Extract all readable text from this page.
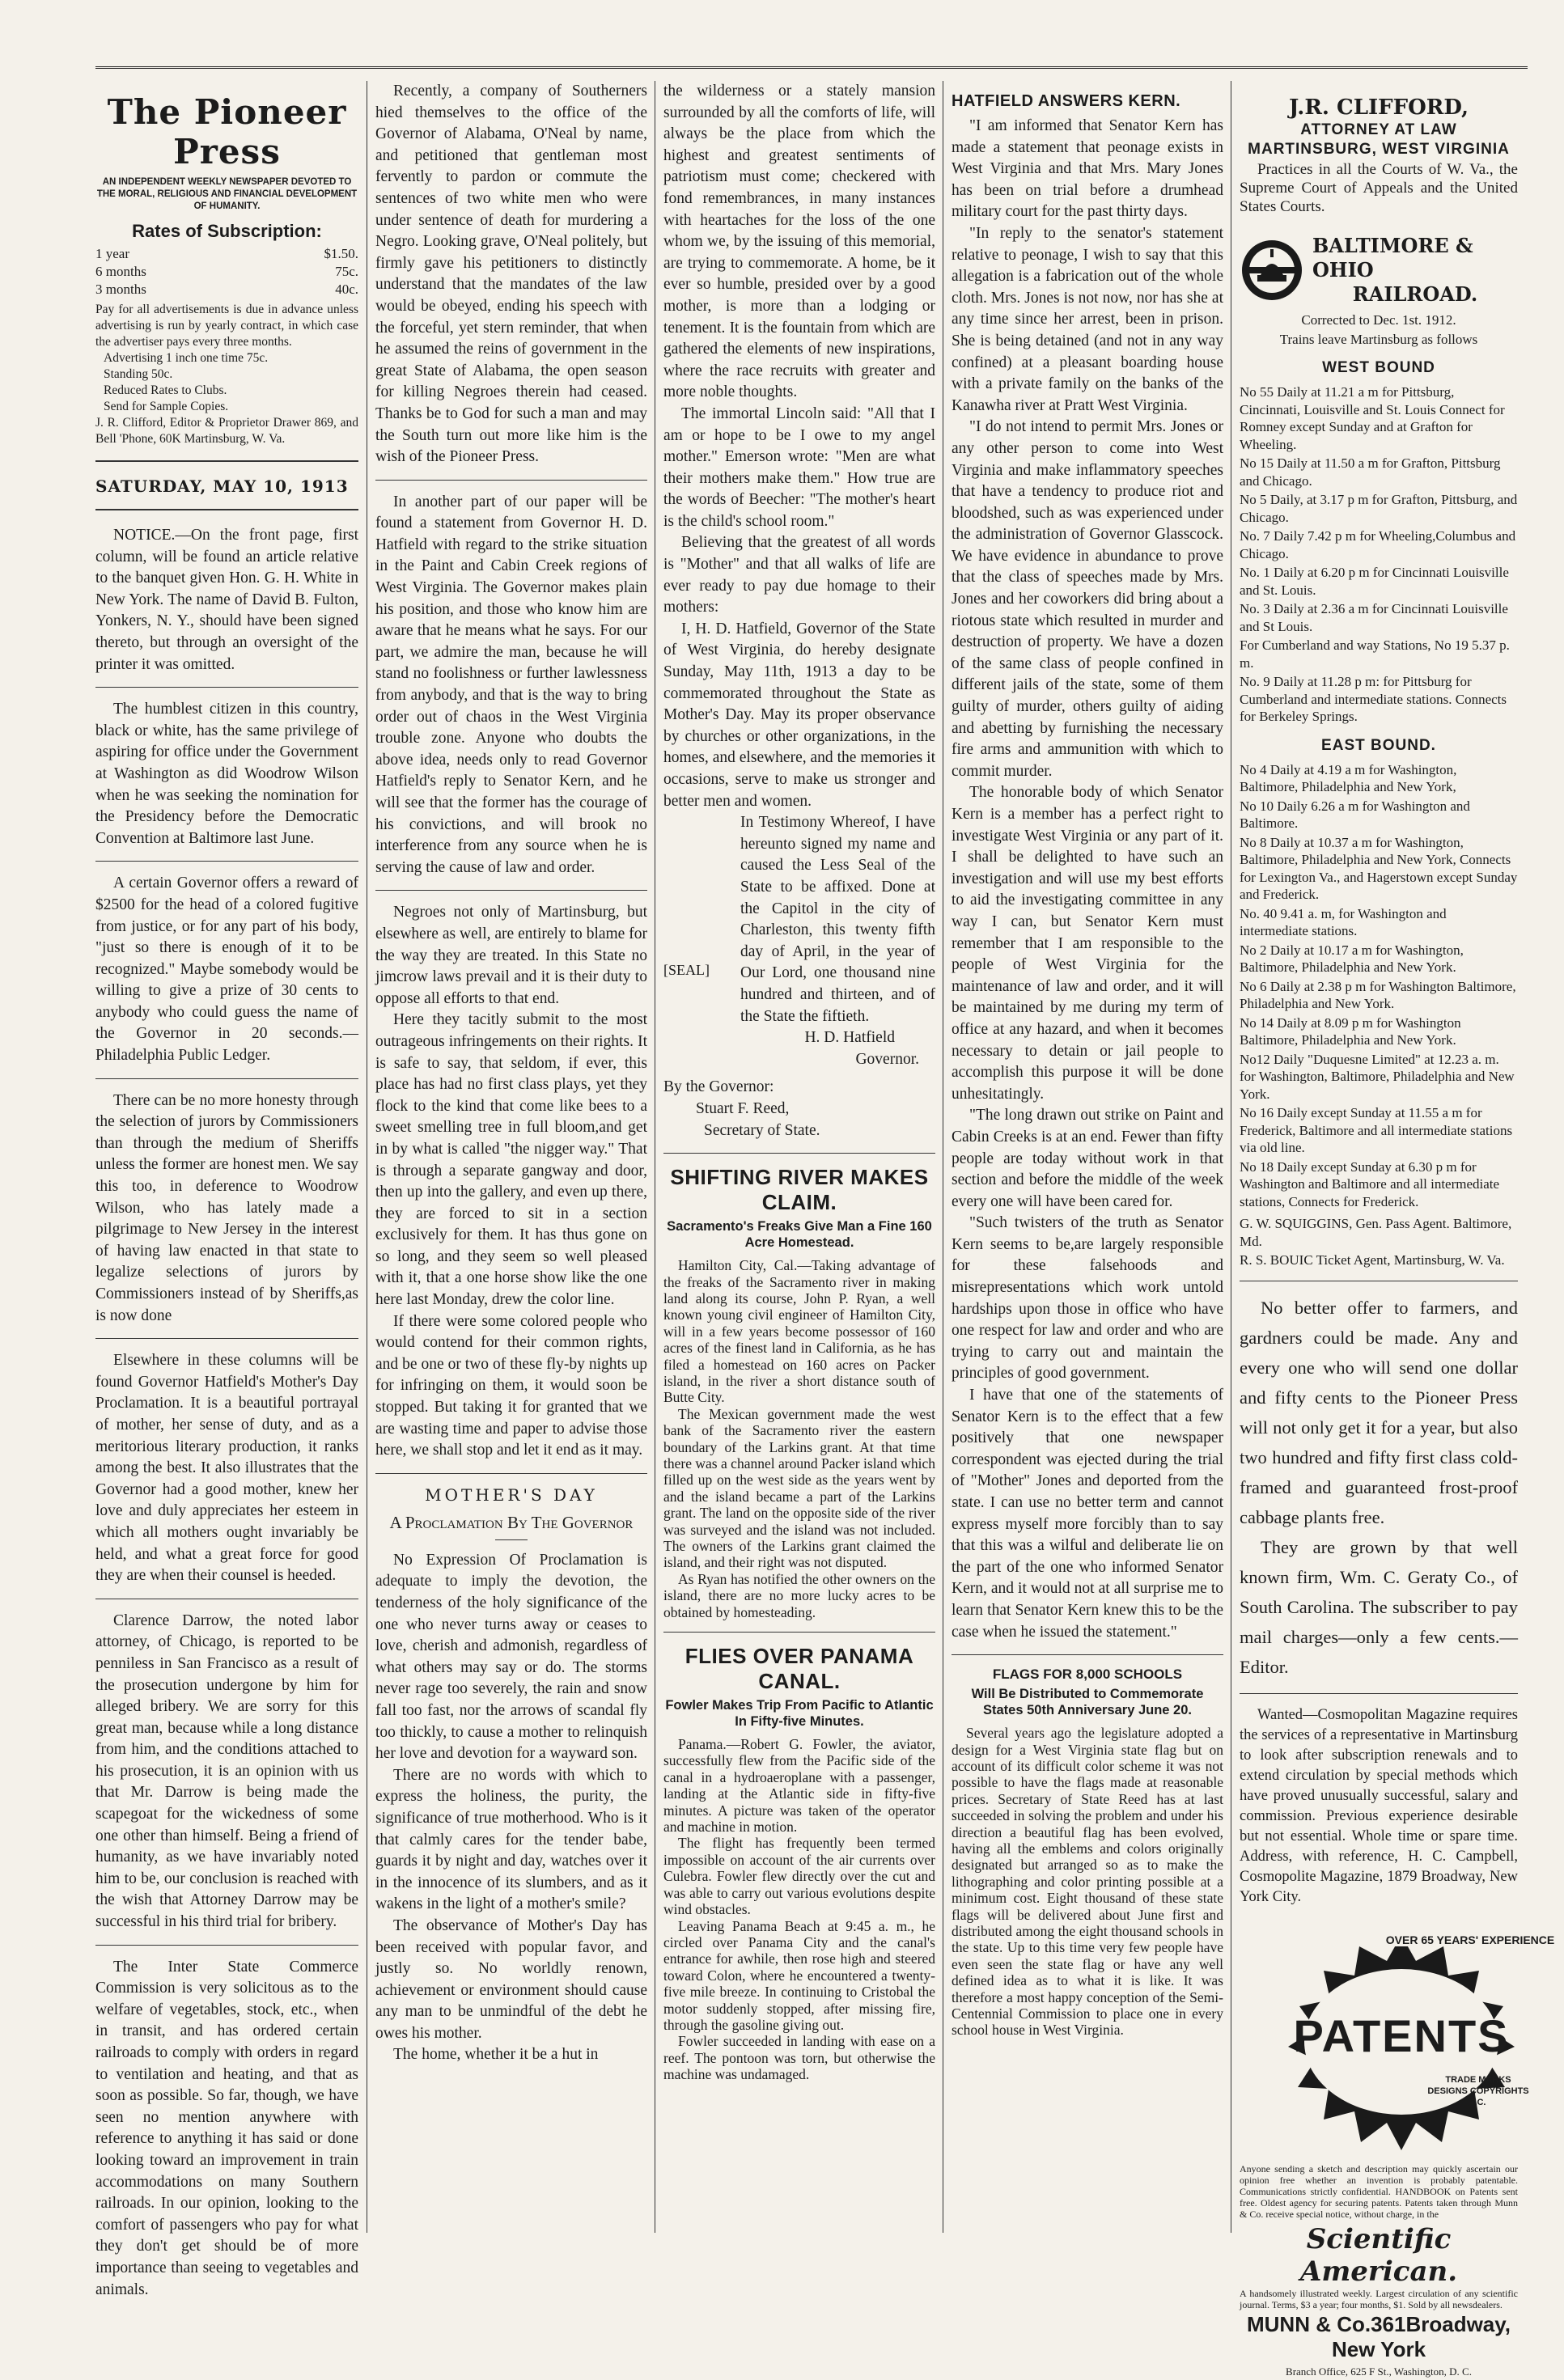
The Pioneer Press

AN INDEPENDENT WEEKLY NEWSPAPER DEVOTED TO THE MORAL, RELIGIOUS AND FINANCIAL DEVELOPMENT OF HUMANITY.

Rates of Subscription:
1 year	$1.50.
6 months	75c.
3 months	40c.

Pay for all advertisements is due in advance unless advertising is run by yearly contract, in which case the advertiser pays every three months.

Advertising 1 inch one time 75c.

Standing 50c.

Reduced Rates to Clubs.

Send for Sample Copies.

J. R. Clifford, Editor & Proprietor Drawer 869, and Bell 'Phone, 60K Martinsburg, W. Va.

SATURDAY, MAY 10, 1913

NOTICE.—On the front page, first column, will be found an article relative to the banquet given Hon. G. H. White in New York. The name of David B. Fulton, Yonkers, N. Y., should have been signed thereto, but through an oversight of the printer it was omitted.

The humblest citizen in this country, black or white, has the same privilege of aspiring for office under the Government at Washington as did Woodrow Wilson when he was seeking the nomination for the Presidency before the Democratic Convention at Baltimore last June.

A certain Governor offers a reward of $2500 for the head of a colored fugitive from justice, or for any part of his body, "just so there is enough of it to be recognized." Maybe somebody would be willing to give a prize of 30 cents to anybody who could guess the name of the Governor in 20 seconds.—Philadelphia Public Ledger.

There can be no more honesty through the selection of jurors by Commissioners than through the medium of Sheriffs unless the former are honest men. We say this too, in deference to Woodrow Wilson, who has lately made a pilgrimage to New Jersey in the interest of having law enacted in that state to legalize selections of jurors by Commissioners instead of by Sheriffs,as is now done

Elsewhere in these columns will be found Governor Hatfield's Mother's Day Proclamation. It is a beautiful portrayal of mother, her sense of duty, and as a meritorious literary production, it ranks among the best. It also illustrates that the Governor had a good mother, knew her love and duly appreciates her esteem in which all mothers ought invariably be held, and what a great force for good they are when their counsel is heeded.

Clarence Darrow, the noted labor attorney, of Chicago, is reported to be penniless in San Francisco as a result of the prosecution undergone by him for alleged bribery. We are sorry for this great man, because while a long distance from him, and the conditions attached to his prosecution, it is an opinion with us that Mr. Darrow is being made the scapegoat for the wickedness of some one other than himself. Being a friend of humanity, as we have invariably noted him to be, our conclusion is reached with the wish that Attorney Darrow may be successful in his third trial for bribery.

The Inter State Commerce Commission is very solicitous as to the welfare of vegetables, stock, etc., when in transit, and has ordered certain railroads to comply with orders in regard to ventilation and heating, and that as soon as possible. So far, though, we have seen no mention anywhere with reference to anything it has said or done looking toward an improvement in train accommodations on many Southern railroads. In our opinion, looking to the comfort of passengers who pay for what they don't get should be of more importance than seeing to vegetables and animals.

Recently, a company of Southerners hied themselves to the office of the Governor of Alabama, O'Neal by name, and petitioned that gentleman most fervently to pardon or commute the sentences of two white men who were under sentence of death for murdering a Negro. Looking grave, O'Neal politely, but firmly gave his petitioners to distinctly understand that the mandates of the law would be obeyed, ending his speech with the forceful, yet stern reminder, that when he assumed the reins of government in the great State of Alabama, the open season for killing Negroes therein had ceased. Thanks be to God for such a man and may the South turn out more like him is the wish of the Pioneer Press.

In another part of our paper will be found a statement from Governor H. D. Hatfield with regard to the strike situation in the Paint and Cabin Creek regions of West Virginia. The Governor makes plain his position, and those who know him are aware that he means what he says. For our part, we admire the man, because he will stand no foolishness or further lawlessness from anybody, and that is the way to bring order out of chaos in the West Virginia trouble zone. Anyone who doubts the above idea, needs only to read Governor Hatfield's reply to Senator Kern, and he will see that the former has the courage of his convictions, and will brook no interference from any source when he is serving the cause of law and order.

Negroes not only of Martinsburg, but elsewhere as well, are entirely to blame for the way they are treated. In this State no jimcrow laws prevail and it is their duty to oppose all efforts to that end.

Here they tacitly submit to the most outrageous infringements on their rights. It is safe to say, that seldom, if ever, this place has had no first class plays, yet they flock to the kind that come like bees to a sweet smelling tree in full bloom,and get in by what is called "the nigger way." That is through a separate gangway and door, then up into the gallery, and even up there, they are forced to sit in a section exclusively for them. It has thus gone on so long, and they seem so well pleased with it, that a one horse show like the one here last Monday, drew the color line.

If there were some colored people who would contend for their common rights, and be one or two of these fly-by nights up for infringing on them, it would soon be stopped. But taking it for granted that we are wasting time and paper to advise those here, we shall stop and let it end as it may.

MOTHER'S DAY
A Proclamation By The Governor

No Expression Of Proclamation is adequate to imply the devotion, the tenderness of the holy significance of the one who never turns away or ceases to love, cherish and admonish, regardless of what others may say or do. The storms never rage too severely, the rain and snow fall too fast, nor the arrows of scandal fly too thickly, to cause a mother to relinquish her love and devotion for a wayward son.

There are no words with which to express the holiness, the purity, the significance of true motherhood. Who is it that calmly cares for the tender babe, guards it by night and day, watches over it in the innocence of its slumbers, and as it wakens in the light of a mother's smile?

The observance of Mother's Day has been received with popular favor, and justly so. No worldly renown, achievement or environment should cause any man to be unmindful of the debt he owes his mother.

The home, whether it be a hut in

the wilderness or a stately mansion surrounded by all the comforts of life, will always be the place from which the highest and greatest sentiments of patriotism must come; checkered with fond remembrances, in many instances with heartaches for the loss of the one whom we, by the issuing of this memorial, are trying to commemorate. A home, be it ever so humble, presided over by a good mother, is more than a lodging or tenement. It is the fountain from which are gathered the elements of new inspirations, where the race recruits with greater and more noble thoughts.

The immortal Lincoln said: "All that I am or hope to be I owe to my angel mother." Emerson wrote: "Men are what their mothers make them." How true are the words of Beecher: "The mother's heart is the child's school room."

Believing that the greatest of all words is "Mother" and that all walks of life are ever ready to pay due homage to their mothers:

I, H. D. Hatfield, Governor of the State of West Virginia, do hereby designate Sunday, May 11th, 1913 a day to be commemorated throughout the State as Mother's Day. May its proper observance by churches or other organizations, in the homes, and elsewhere, and the memories it occasions, serve to make us stronger and better men and women.

[SEAL]

In Testimony Whereof, I have hereunto signed my name and caused the Less Seal of the State to be affixed. Done at the Capitol in the city of Charleston, this twenty fifth day of April, in the year of Our Lord, one thousand nine hundred and thirteen, and of the State the fiftieth.

H. D. Hatfield

Governor.

By the Governor:

Stuart F. Reed,

Secretary of State.

SHIFTING RIVER MAKES CLAIM.
Sacramento's Freaks Give Man a Fine 160 Acre Homestead.

Hamilton City, Cal.—Taking advantage of the freaks of the Sacramento river in making land along its course, John P. Ryan, a well known young civil engineer of Hamilton City, will in a few years become possessor of 160 acres of the finest land in California, as he has filed a homestead on 160 acres on Packer island, in the river a short distance south of Butte City.

The Mexican government made the west bank of the Sacramento river the eastern boundary of the Larkins grant. At that time there was a channel around Packer island which filled up on the west side as the years went by and the island became a part of the Larkins grant. The land on the opposite side of the river was surveyed and the island was not included. The owners of the Larkins grant claimed the island, and their right was not disputed.

As Ryan has notified the other owners on the island, there are no more lucky acres to be obtained by homesteading.

FLIES OVER PANAMA CANAL.
Fowler Makes Trip From Pacific to Atlantic In Fifty-five Minutes.

Panama.—Robert G. Fowler, the aviator, successfully flew from the Pacific side of the canal in a hydroaeroplane with a passenger, landing at the Atlantic side in fifty-five minutes. A picture was taken of the operator and machine in motion.

The flight has frequently been termed impossible on account of the air currents over Culebra. Fowler flew directly over the cut and was able to carry out various evolutions despite wind obstacles.

Leaving Panama Beach at 9:45 a. m., he circled over Panama City and the canal's entrance for awhile, then rose high and steered toward Colon, where he encountered a twenty-five mile breeze. In continuing to Cristobal the motor suddenly stopped, after missing fire, through the gasoline giving out.

Fowler succeeded in landing with ease on a reef. The pontoon was torn, but otherwise the machine was undamaged.

HATFIELD ANSWERS KERN.

"I am informed that Senator Kern has made a statement that peonage exists in West Virginia and that Mrs. Mary Jones has been on trial before a drumhead military court for the past thirty days.

"In reply to the senator's statement relative to peonage, I wish to say that this allegation is a fabrication out of the whole cloth. Mrs. Jones is not now, nor has she at any time since her arrest, been in prison. She is being detained (and not in any way confined) at a pleasant boarding house with a private family on the banks of the Kanawha river at Pratt West Virginia.

"I do not intend to permit Mrs. Jones or any other person to come into West Virginia and make inflammatory speeches that have a tendency to produce riot and bloodshed, such as was experienced under the administration of Governor Glasscock. We have evidence in abundance to prove that the class of speeches made by Mrs. Jones and her coworkers did bring about a riotous state which resulted in murder and destruction of property. We have a dozen of the same class of people confined in different jails of the state, some of them guilty of murder, others guilty of aiding and abetting by furnishing the necessary fire arms and ammunition with which to commit murder.

The honorable body of which Senator Kern is a member has a perfect right to investigate West Virginia or any part of it. I shall be delighted to have such an investigation and will use my best efforts to aid the investigating committee in any way I can, but Senator Kern must remember that I am responsible to the people of West Virginia for the maintenance of law and order, and it will be maintained by me during my term of office at any hazard, and when it becomes necessary to detain or jail people to accomplish this purpose it will be done unhesitatingly.

"The long drawn out strike on Paint and Cabin Creeks is at an end. Fewer than fifty people are today without work in that section and before the middle of the week every one will have been cared for.

"Such twisters of the truth as Senator Kern seems to be,are largely responsible for these falsehoods and misrepresentations which work untold hardships upon those in office who have one respect for law and order and who are trying to carry out and maintain the principles of good government.

I have that one of the statements of Senator Kern is to the effect that a few positively that one newspaper correspondent was ejected during the trial of "Mother" Jones and deported from the state. I can use no better term and cannot express myself more forcibly than to say that this was a wilful and deliberate lie on the part of the one who informed Senator Kern, and it would not at all surprise me to learn that Senator Kern knew this to be the case when he issued the statement."

FLAGS FOR 8,000 SCHOOLS
Will Be Distributed to Commemorate States 50th Anniversary June 20.

Several years ago the legislature adopted a design for a West Virginia state flag but on account of its difficult color scheme it was not possible to have the flags made at reasonable prices. Secretary of State Reed has at last succeeded in solving the problem and under his direction a beautiful flag has been evolved, having all the emblems and colors originally designated but arranged so as to make the lithographing and color printing possible at a minimum cost. Eight thousand of these state flags will be delivered about June first and distributed among the eight thousand schools in the state. Up to this time very few people have even seen the state flag or have any well defined idea as to what it is like. It was therefore a most happy conception of the Semi-Centennial Commission to place one in every school house in West Virginia.

J.R. CLIFFORD,
ATTORNEY AT LAW
MARTINSBURG, WEST VIRGINIA

Practices in all the Courts of W. Va., the Supreme Court of Appeals and the United States Courts.

BALTIMORE & OHIO
RAILROAD.

Corrected to Dec. 1st. 1912.

Trains leave Martinsburg as follows

WEST BOUND

No 55 Daily at 11.21 a m for Pittsburg, Cincinnati, Louisville and St. Louis Connect for Romney except Sunday and at Grafton for Wheeling.

No 15 Daily at 11.50 a m for Grafton, Pittsburg and Chicago.

No 5 Daily, at 3.17 p m for Grafton, Pittsburg, and Chicago.

No. 7 Daily 7.42 p m for Wheeling,Columbus and Chicago.

No. 1 Daily at 6.20 p m for Cincinnati Louisville and St. Louis.

No. 3 Daily at 2.36 a m for Cincinnati Louisville and St Louis.

For Cumberland and way Stations, No 19 5.37 p. m.

No. 9 Daily at 11.28 p m: for Pittsburg for Cumberland and intermediate stations. Connects for Berkeley Springs.

EAST BOUND.

No 4 Daily at 4.19 a m for Washington, Baltimore, Philadelphia and New York,

No 10 Daily 6.26 a m for Washington and Baltimore.

No 8 Daily at 10.37 a m for Washington, Baltimore, Philadelphia and New York, Connects for Lexington Va., and Hagerstown except Sunday and Frederick.

No. 40 9.41 a. m, for Washington and intermediate stations.

No 2 Daily at 10.17 a m for Washington, Baltimore, Philadelphia and New York.

No 6 Daily at 2.38 p m for Washington Baltimore, Philadelphia and New York.

No 14 Daily at 8.09 p m for Washington Baltimore, Philadelphia and New York.

No12 Daily "Duquesne Limited" at 12.23 a. m. for Washington, Baltimore, Philadelphia and New York.

No 16 Daily except Sunday at 11.55 a m for Frederick, Baltimore and all intermediate stations via old line.

No 18 Daily except Sunday at 6.30 p m for Washington and Baltimore and all intermediate stations, Connects for Frederick.

G. W. SQUIGGINS, Gen. Pass Agent. Baltimore, Md.

R. S. BOUIC Ticket Agent, Martinsburg, W. Va.

No better offer to farmers, and gardners could be made. Any and every one who will send one dollar and fifty cents to the Pioneer Press will not only get it for a year, but also two hundred and fifty first class cold-framed and guaranteed frost-proof cabbage plants free.

They are grown by that well known firm, Wm. C. Geraty Co., of South Carolina. The subscriber to pay mail charges—only a few cents.—Editor.

Wanted—Cosmopolitan Magazine requires the services of a representative in Martinsburg to look after subscription renewals and to extend circulation by special methods which have proved unusually successful, salary and commission. Previous experience desirable but not essential. Whole time or spare time. Address, with reference, H. C. Campbell, Cosmopolite Magazine, 1879 Broadway, New York City.

OVER 65 YEARS' EXPERIENCE
PATENTS
TRADE MARKS DESIGNS COPYRIGHTS &C.

Anyone sending a sketch and description may quickly ascertain our opinion free whether an invention is probably patentable. Communications strictly confidential. HANDBOOK on Patents sent free. Oldest agency for securing patents. Patents taken through Munn & Co. receive special notice, without charge, in the

Scientific American.

A handsomely illustrated weekly. Largest circulation of any scientific journal. Terms, $3 a year; four months, $1. Sold by all newsdealers.

MUNN & Co.361Broadway, New York

Branch Office, 625 F St., Washington, D. C.
